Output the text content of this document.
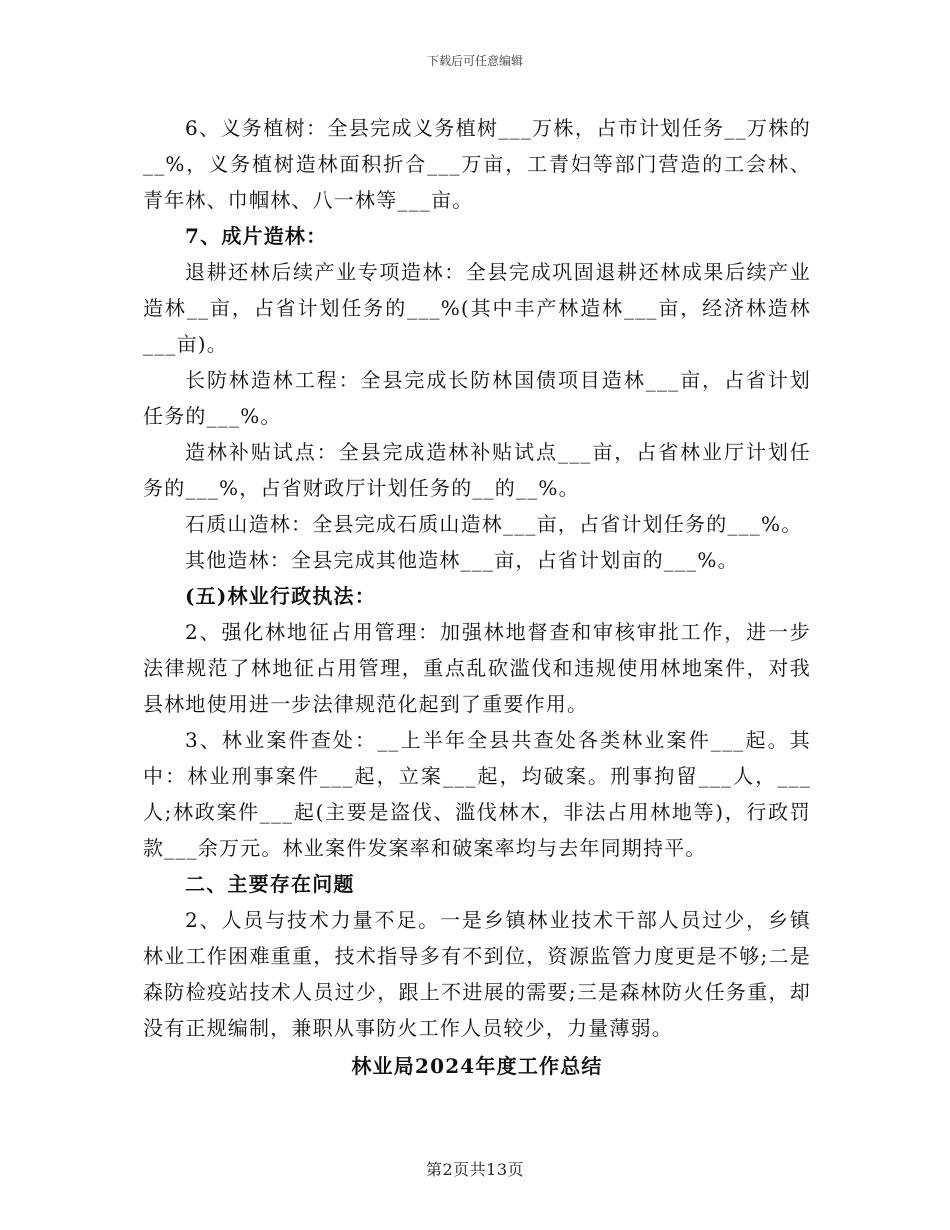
下载后可任意编辑

6、义务植树：全县完成义务植树___万株，占市计划任务__万株的__%，义务植树造林面积折合___万亩，工青妇等部门营造的工会林、青年林、巾帼林、八一林等___亩。

7、成片造林：

退耕还林后续产业专项造林：全县完成巩固退耕还林成果后续产业造林__亩，占省计划任务的___%(其中丰产林造林___亩，经济林造林___亩)。

长防林造林工程：全县完成长防林国债项目造林___亩，占省计划任务的___%。

造林补贴试点：全县完成造林补贴试点___亩，占省林业厅计划任务的___%，占省财政厅计划任务的__的__%。

石质山造林：全县完成石质山造林___亩，占省计划任务的___%。

其他造林：全县完成其他造林___亩，占省计划亩的___%。

(五)林业行政执法：

2、强化林地征占用管理：加强林地督查和审核审批工作，进一步法律规范了林地征占用管理，重点乱砍滥伐和违规使用林地案件，对我县林地使用进一步法律规范化起到了重要作用。

3、林业案件查处：__上半年全县共查处各类林业案件___起。其中：林业刑事案件___起，立案___起，均破案。刑事拘留___人，___人;林政案件___起(主要是盗伐、滥伐林木，非法占用林地等)，行政罚款___余万元。林业案件发案率和破案率均与去年同期持平。

二、主要存在问题

2、人员与技术力量不足。一是乡镇林业技术干部人员过少，乡镇林业工作困难重重，技术指导多有不到位，资源监管力度更是不够;二是森防检疫站技术人员过少，跟上不进展的需要;三是森林防火任务重，却没有正规编制，兼职从事防火工作人员较少，力量薄弱。

林业局2024年度工作总结

第2页共13页
